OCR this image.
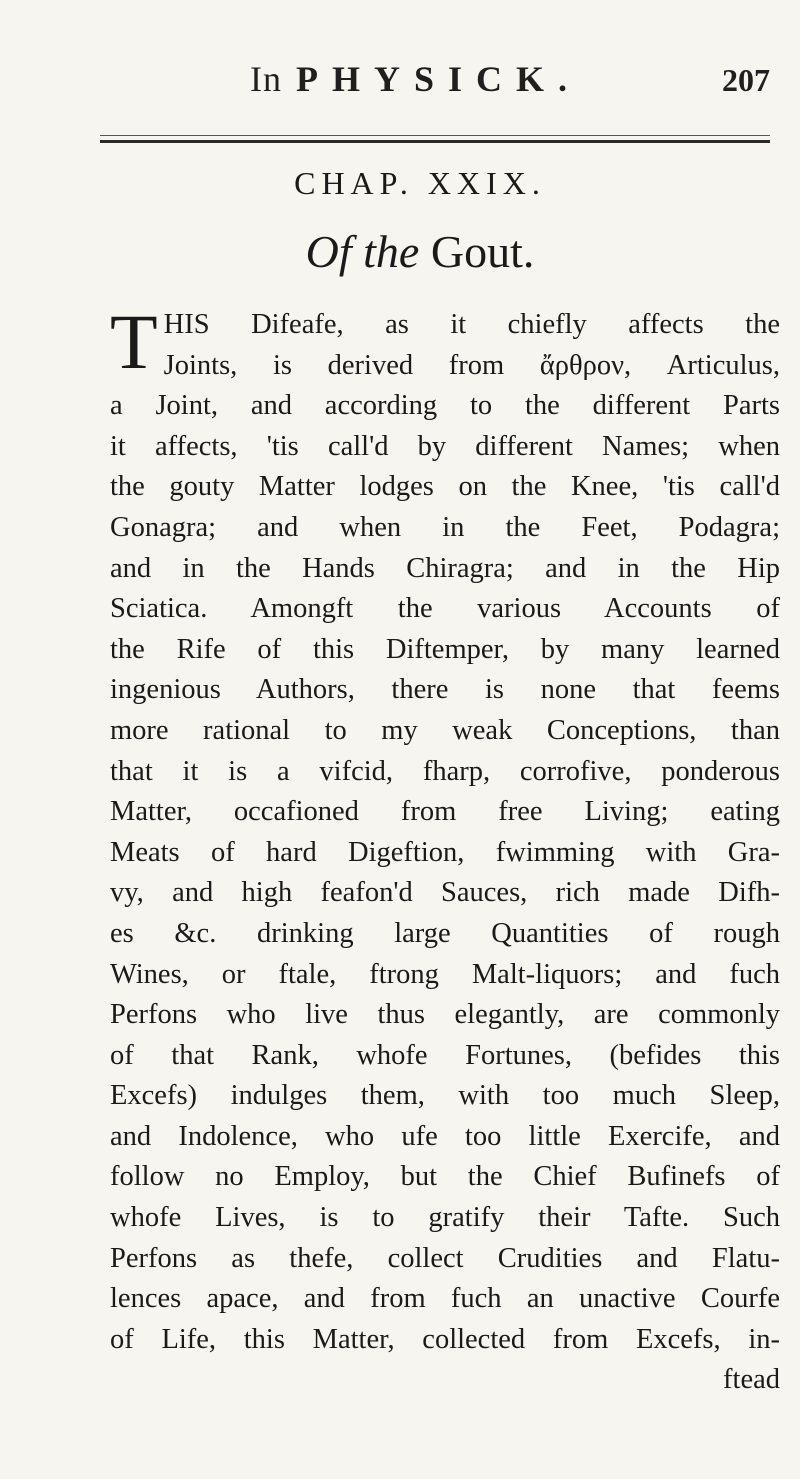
In PHYSICK.	207
CHAP. XXIX.
Of the Gout.
T HIS Difeafe, as it chiefly affects the
Joints, is derived from ἄρθρον, Articulus,
a Joint, and according to the different Parts
it affects, 'tis call'd by different Names; when
the gouty Matter lodges on the Knee, 'tis call'd
Gonagra; and when in the Feet, Podagra;
and in the Hands Chiragra; and in the Hip
Sciatica. Amongft the various Accounts of
the Rife of this Diftemper, by many learned
ingenious Authors, there is none that feems
more rational to my weak Conceptions, than
that it is a vifcid, fharp, corrofive, ponderous
Matter, occafioned from free Living; eating
Meats of hard Digeftion, fwimming with Gra-
vy, and high feafon'd Sauces, rich made Difh-
es &c. drinking large Quantities of rough
Wines, or ftale, ftrong Malt-liquors; and fuch
Perfons who live thus elegantly, are commonly
of that Rank, whofe Fortunes, (befides this
Excefs) indulges them, with too much Sleep,
and Indolence, who ufe too little Exercife, and
follow no Employ, but the Chief Bufinefs of
whofe Lives, is to gratify their Tafte. Such
Perfons as thefe, collect Crudities and Flatu-
lences apace, and from fuch an unactive Courfe
of Life, this Matter, collected from Excefs, in-
ftead
